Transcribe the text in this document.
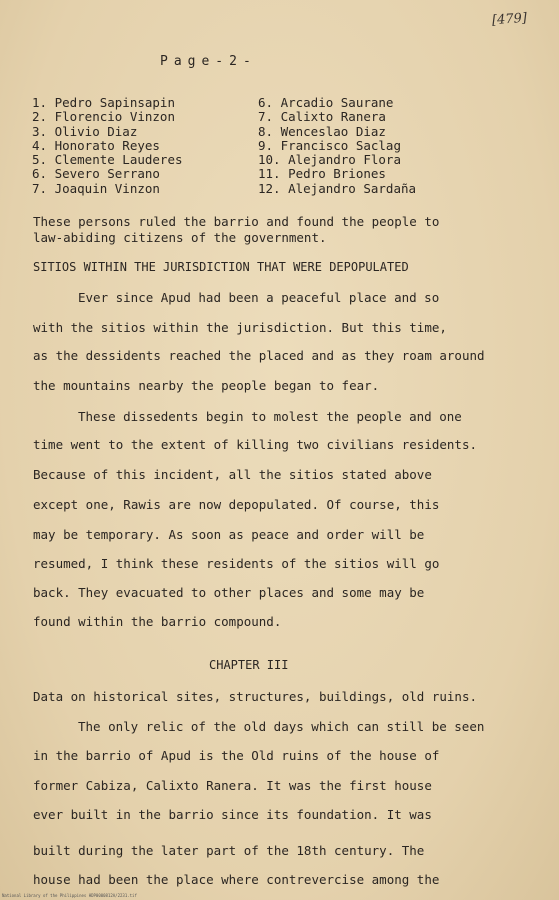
[479]
Page-2-
1. Pedro Sapinsapin
2. Florencio Vinzon
3. Olivio Diaz
4. Honorato Reyes
5. Clemente Lauderes
6. Severo Serrano
7. Joaquin Vinzon
6. Arcadio Saurane
7. Calixto Ranera
8. Wenceslao Diaz
9. Francisco Saclag
10. Alejandro Flora
11. Pedro Briones
12. Alejandro Sardaña
These persons ruled the barrio and found the people to
law-abiding citizens of the government.
SITIOS WITHIN THE JURISDICTION THAT WERE DEPOPULATED
Ever since Apud had been a peaceful place and so
with the sitios within the jurisdiction. But this time,
as the dessidents reached the placed and as they roam around
the mountains nearby the people began to fear.
These dissedents begin to molest the people and one
time went to the extent of killing two civilians residents.
Because of this incident, all the sitios stated above
except one, Rawis are now depopulated. Of course, this
may be temporary. As soon as peace and order will be
resumed, I think these residents of the sitios will go
back. They evacuated to other places and some may be
found within the barrio compound.
CHAPTER III
Data on historical sites, structures, buildings, old ruins.
The only relic of the old days which can still be seen
in the barrio of Apud is the Old ruins of the house of
former Cabiza, Calixto Ranera. It was the first house
ever built in the barrio since its foundation. It was
built during the later part of the 18th century. The
house had been the place where contrevercise among the
National Library of the Philippines HDP0000812A/2231.tif
